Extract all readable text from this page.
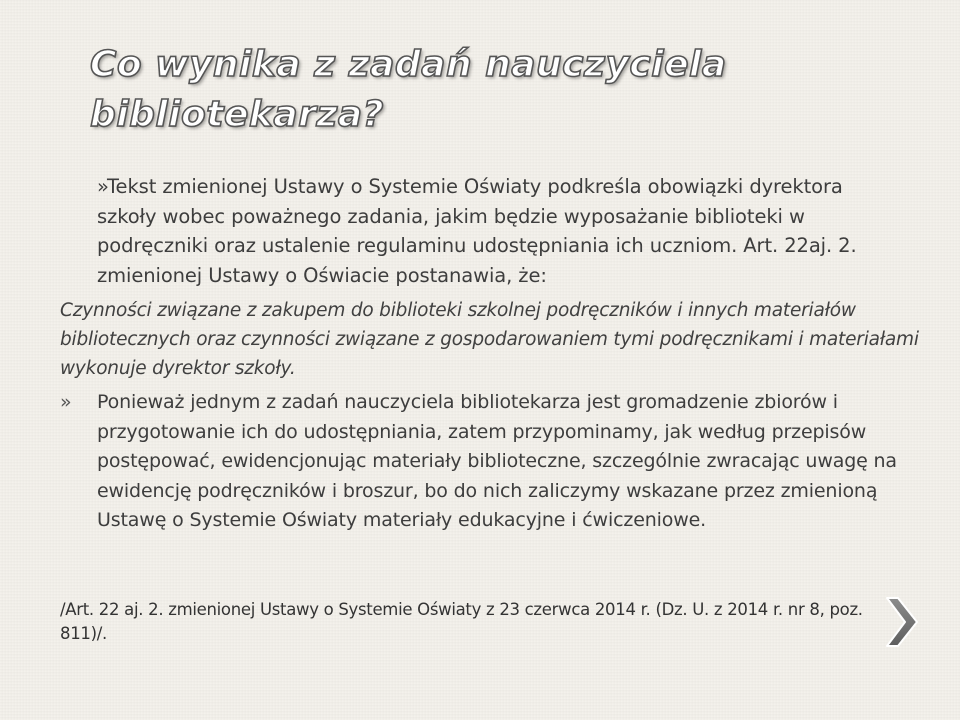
Co wynika z zadań nauczyciela
bibliotekarza?

»Tekst zmienionej Ustawy o Systemie Oświaty podkreśla obowiązki dyrektora szkoły wobec poważnego zadania, jakim będzie wyposażanie biblioteki w podręczniki oraz ustalenie regulaminu udostępniania ich uczniom. Art. 22aj. 2. zmienionej Ustawy o Oświacie postanawia, że:

Czynności związane z zakupem do biblioteki szkolnej podręczników i innych materiałów bibliotecznych oraz czynności związane z gospodarowaniem tymi podręcznikami i materiałami wykonuje dyrektor szkoły.

» Ponieważ jednym z zadań nauczyciela bibliotekarza jest gromadzenie zbiorów i przygotowanie ich do udostępniania, zatem przypominamy, jak według przepisów postępować, ewidencjonując materiały biblioteczne, szczególnie zwracając uwagę na ewidencję podręczników i broszur, bo do nich zaliczymy wskazane przez zmienioną Ustawę o Systemie Oświaty materiały edukacyjne i ćwiczeniowe.

/Art. 22 aj. 2. zmienionej Ustawy o Systemie Oświaty z 23 czerwca 2014 r. (Dz. U. z 2014 r. nr 8, poz. 811)/.
